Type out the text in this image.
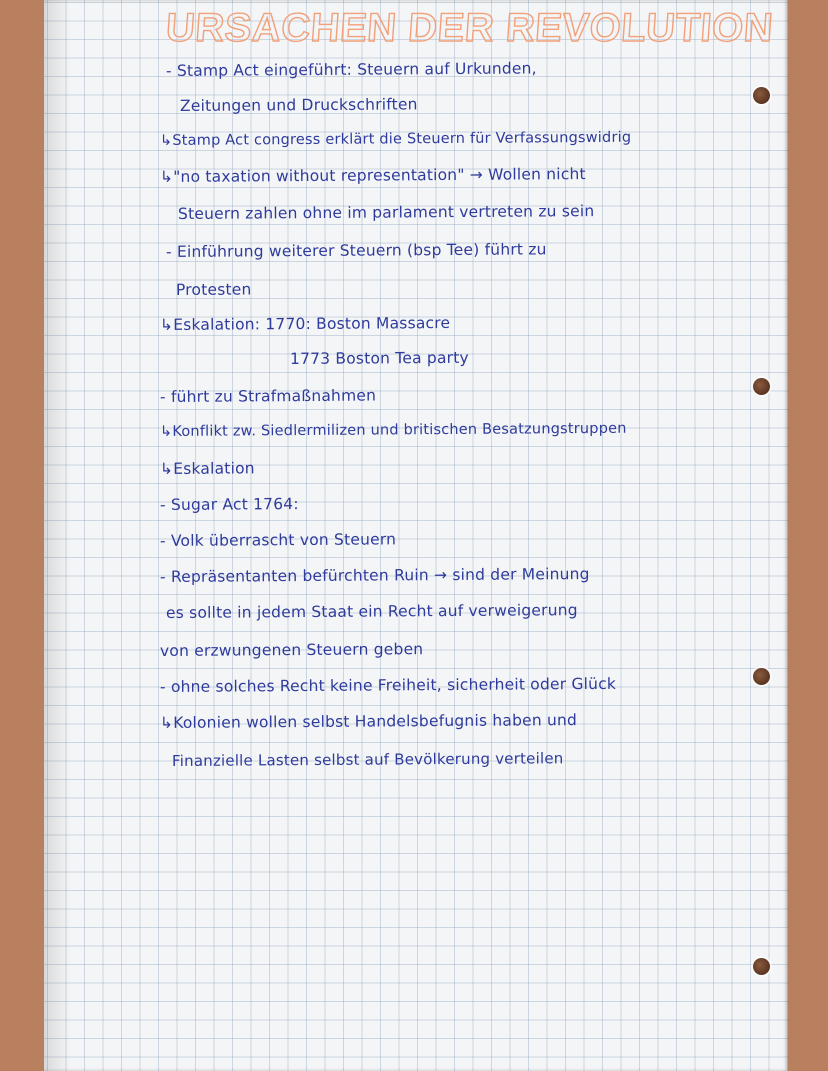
URSACHEN DER REVOLUTION

- Stamp Act eingeführt: Steuern auf Urkunden,

Zeitungen und Druckschriften

↳Stamp Act congress erklärt die Steuern für Verfassungswidrig

↳"no taxation without representation" → Wollen nicht

Steuern zahlen ohne im parlament vertreten zu sein

- Einführung weiterer Steuern (bsp Tee) führt zu

Protesten

↳Eskalation: 1770: Boston Massacre

1773 Boston Tea party

- führt zu Strafmaßnahmen

↳Konflikt zw. Siedlermilizen und britischen Besatzungstruppen

↳Eskalation

- Sugar Act 1764:

- Volk überrascht von Steuern

- Repräsentanten befürchten Ruin → sind der Meinung

es sollte in jedem Staat ein Recht auf verweigerung

von erzwungenen Steuern geben

- ohne solches Recht keine Freiheit, sicherheit oder Glück

↳Kolonien wollen selbst Handelsbefugnis haben und

Finanzielle Lasten selbst auf Bevölkerung verteilen
